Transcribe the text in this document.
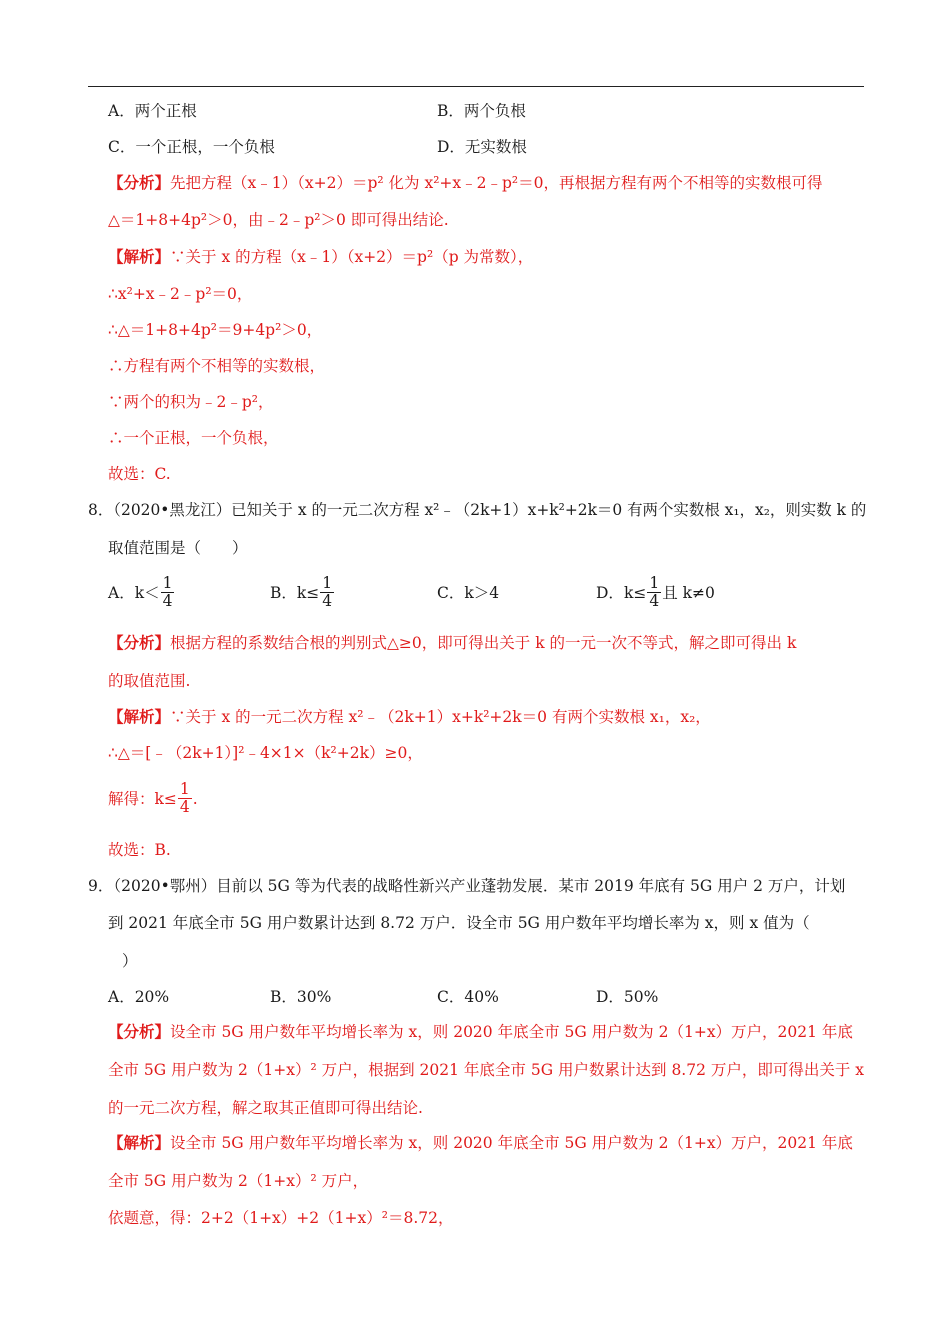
A．两个正根	B．两个负根
C．一个正根，一个负根	D．无实数根
【分析】先把方程（x﹣1）（x+2）＝p² 化为 x²+x﹣2﹣p²＝0，再根据方程有两个不相等的实数根可得
△＝1+8+4p²＞0，由﹣2﹣p²＞0 即可得出结论.
【解析】∵关于 x 的方程（x﹣1）（x+2）＝p²（p 为常数），
∴x²+x﹣2﹣p²＝0，
∴△＝1+8+4p²＝9+4p²＞0，
∴方程有两个不相等的实数根，
∵两个的积为﹣2﹣p²，
∴一个正根，一个负根，
故选：C.
8．（2020•黑龙江）已知关于 x 的一元二次方程 x²﹣（2k+1）x+k²+2k＝0 有两个实数根 x₁，x₂，则实数 k 的
取值范围是（　　）
A．$k< \frac{1}{4}$	B．$k\le \frac{1}{4}$	C．k＞4	D．$k\le \frac{1}{4}$ 且 k≠0
【分析】根据方程的系数结合根的判别式△≥0，即可得出关于 k 的一元一次不等式，解之即可得出 k
的取值范围.
【解析】∵关于 x 的一元二次方程 x²﹣（2k+1）x+k²+2k＝0 有两个实数根 x₁，x₂，
∴△＝[﹣（2k+1）]²﹣4×1×（k²+2k）≥0，
解得：$k\le \frac{1}{4}$ .
故选：B.
9．（2020•鄂州）目前以 5G 等为代表的战略性新兴产业蓬勃发展．某市 2019 年底有 5G 用户 2 万户，计划
到 2021 年底全市 5G 用户数累计达到 8.72 万户．设全市 5G 用户数年平均增长率为 x，则 x 值为（
）
A．20%	B．30%	C．40%	D．50%
【分析】设全市 5G 用户数年平均增长率为 x，则 2020 年底全市 5G 用户数为 2（1+x）万户，2021 年底
全市 5G 用户数为 2（1+x）² 万户，根据到 2021 年底全市 5G 用户数累计达到 8.72 万户，即可得出关于 x
的一元二次方程，解之取其正值即可得出结论.
【解析】设全市 5G 用户数年平均增长率为 x，则 2020 年底全市 5G 用户数为 2（1+x）万户，2021 年底
全市 5G 用户数为 2（1+x）² 万户，
依题意，得：2+2（1+x）+2（1+x）²＝8.72，
